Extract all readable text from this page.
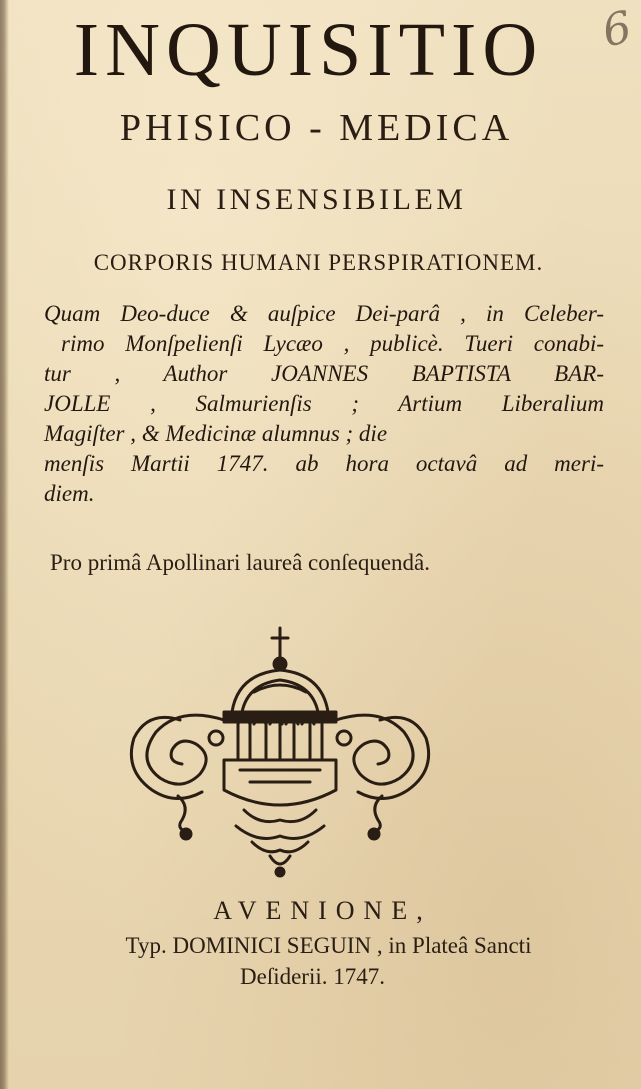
6
INQUISITIO
PHISICO - MEDICA
IN INSENSIBILEM
CORPORIS HUMANI PERSPIRATIONEM.
Quam Deo-duce & auſpice Dei-parâ , in Celeber-
rimo Monſpelienſi Lycæo , publicè. Tueri conabi-
tur , Author JOANNES BAPTISTA BAR-
JOLLE , Salmurienſis ; Artium Liberalium
Magiſter , & Medicinæ alumnus ; die
menſis Martii 1747. ab hora octavâ ad meri-
diem.
Pro primâ Apollinari laureâ conſequendâ.
AVENIONE,
Typ. DOMINICI SEGUIN , in Plateâ Sancti
Deſiderii. 1747.
